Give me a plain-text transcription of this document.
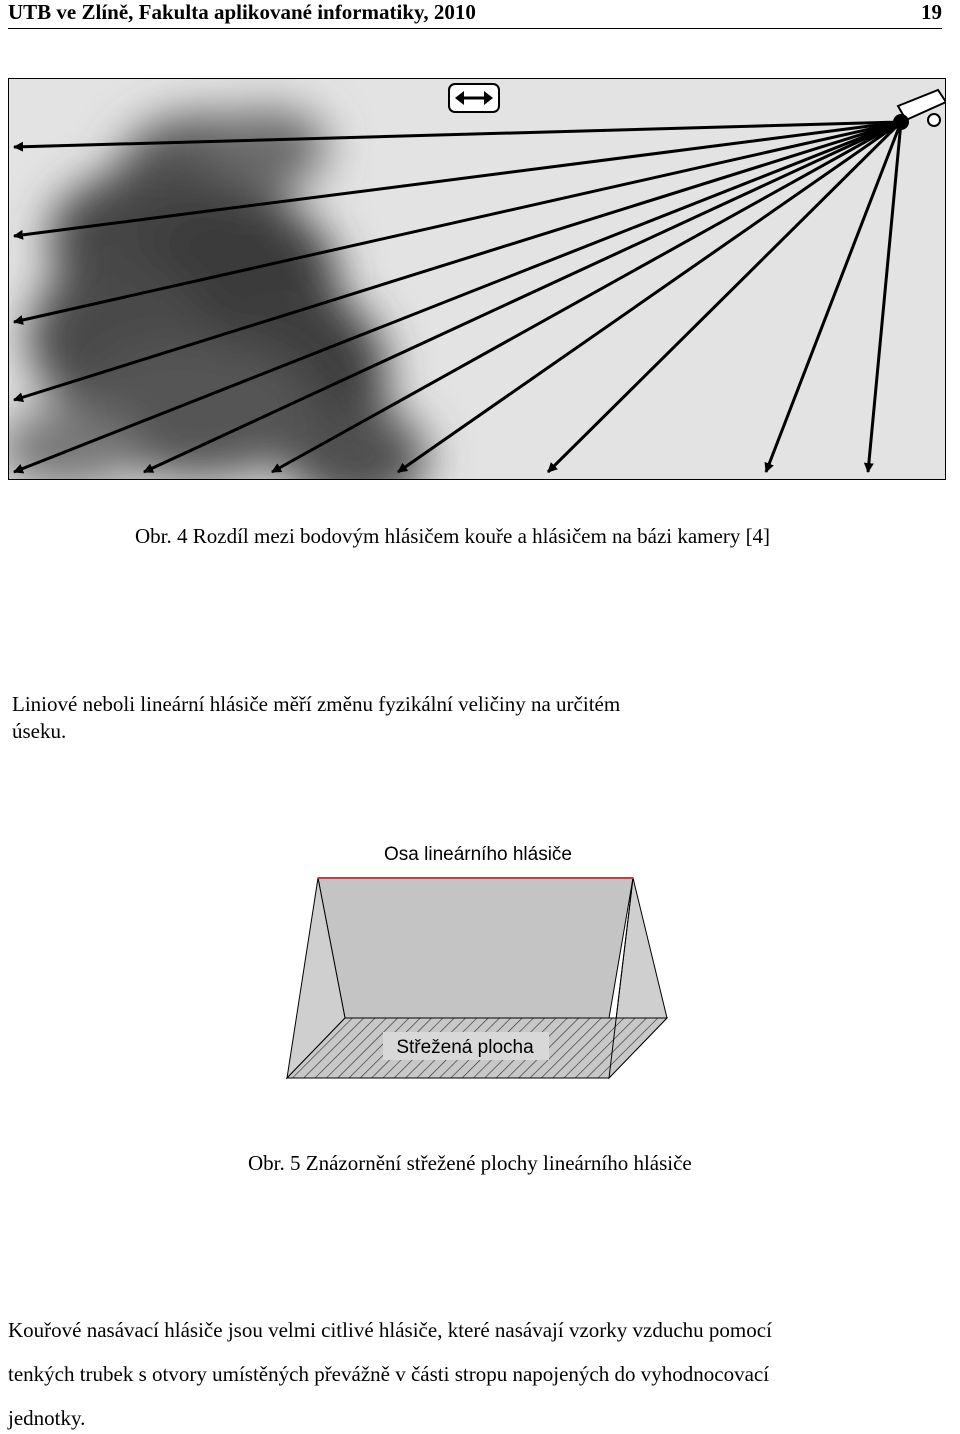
UTB ve Zlíně, Fakulta aplikované informatiky, 2010	19
Obr. 4 Rozdíl mezi bodovým hlásičem kouře a hlásičem na bázi kamery [4]
Liniové neboli lineární hlásiče měří změnu fyzikální veličiny na určitém
úseku.
Osa lineárního hlásiče
Střežená plocha
Obr. 5 Znázornění střežené plochy lineárního hlásiče
Kouřové nasávací hlásiče jsou velmi citlivé hlásiče, které nasávají vzorky vzduchu pomocí
tenkých trubek s otvory umístěných převážně v části stropu napojených do vyhodnocovací
jednotky.
